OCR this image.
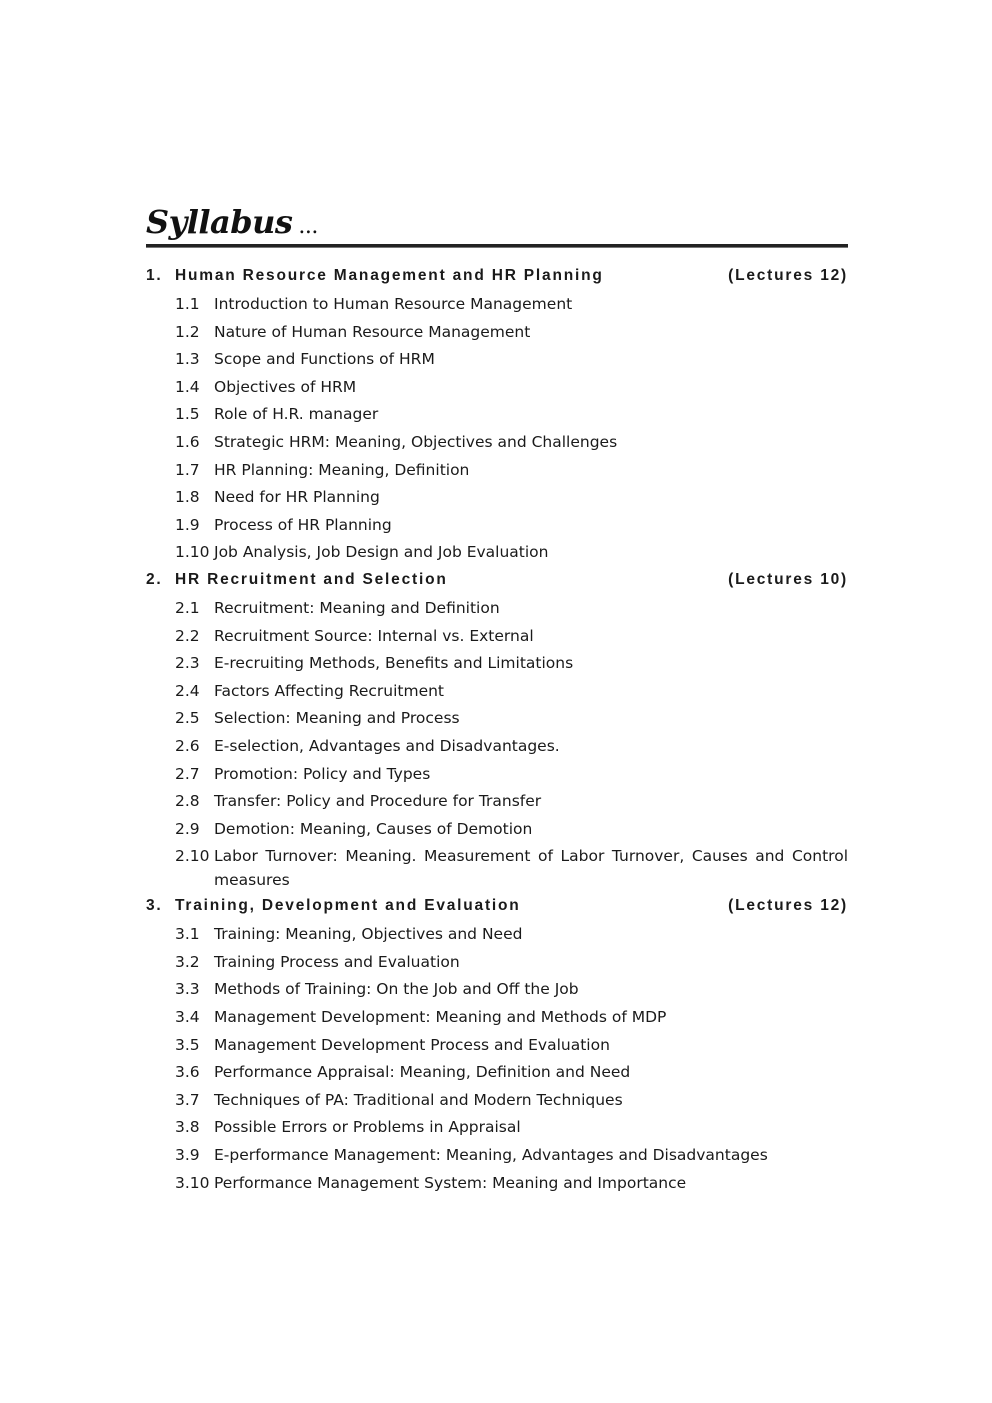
Syllabus ...
1. Human Resource Management and HR Planning	(Lectures 12)
1.1 Introduction to Human Resource Management
1.2 Nature of Human Resource Management
1.3 Scope and Functions of HRM
1.4 Objectives of HRM
1.5 Role of H.R. manager
1.6 Strategic HRM: Meaning, Objectives and Challenges
1.7 HR Planning: Meaning, Definition
1.8 Need for HR Planning
1.9 Process of HR Planning
1.10 Job Analysis, Job Design and Job Evaluation
2. HR Recruitment and Selection	(Lectures 10)
2.1 Recruitment: Meaning and Definition
2.2 Recruitment Source: Internal vs. External
2.3 E-recruiting Methods, Benefits and Limitations
2.4 Factors Affecting Recruitment
2.5 Selection: Meaning and Process
2.6 E-selection, Advantages and Disadvantages.
2.7 Promotion: Policy and Types
2.8 Transfer: Policy and Procedure for Transfer
2.9 Demotion: Meaning, Causes of Demotion
2.10 Labor Turnover: Meaning. Measurement of Labor Turnover, Causes and Control measures
3. Training, Development and Evaluation	(Lectures 12)
3.1 Training: Meaning, Objectives and Need
3.2 Training Process and Evaluation
3.3 Methods of Training: On the Job and Off the Job
3.4 Management Development: Meaning and Methods of MDP
3.5 Management Development Process and Evaluation
3.6 Performance Appraisal: Meaning, Definition and Need
3.7 Techniques of PA: Traditional and Modern Techniques
3.8 Possible Errors or Problems in Appraisal
3.9 E-performance Management: Meaning, Advantages and Disadvantages
3.10 Performance Management System: Meaning and Importance
